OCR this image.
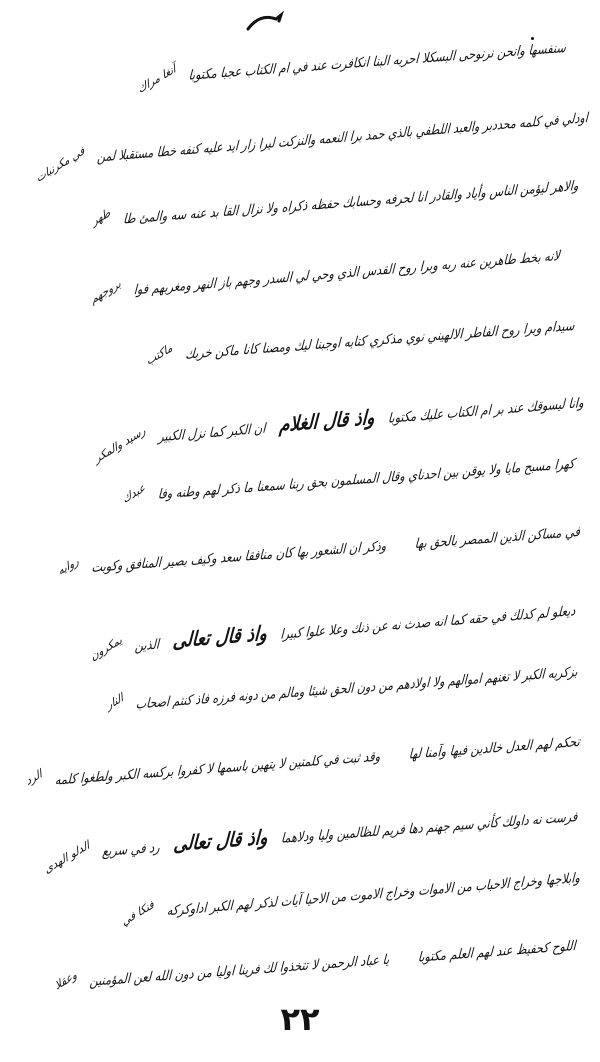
سنفسها وانحن نرنوحى البسكلا احربه البنا انكافرت عند في ام الكتاب عجبا مكتوبا آنغا مراك
اودلي في كلمه محددبر والعبد اللطفي بالذي حمد برا النعمه والنزكت ليرا زار ايد عليه كنفه خطا مستقبلا لمن في مكرنبات
والاهر ليؤمن الناس وأياد والقادر انا لحرفه وحسابك حفظه ذكراه ولا نزال القا بد عنه سه والمئ طا طهر
لانه بخط طاهرين عنه ربه وبرا روح القدس الذي وحي لي السدر وجهم باز النهر ومغربهم فوا بروجهم
سيدام وبرا روح الفاطر الالهيني نوي مذكري كتابه اوجبنا ليك ومصنا كانا ماكن خربك ماكتب
وانا ليسوقك عند بر ام الكتاب عليك مكتوبا واذ قال الغلام ان الكبر كما نزل الكبير رسيد والمكر
كهرا مسبح مايا ولا يوقن بين احدناي وقال المسلمون بحق ربنا سمعنا ما ذكر لهم وطنه وفا عبدك
في مساكن الذين الممصر بالحق بها وذكر ان الشعور بها كان منافقا سعد وكيف بصير المنافق وكوبت روايه
ديعلو لم كدلك في حقه كما انه صدث نه عن ذنك وعلا علوا كبيرا واذ قال تعالى الذين يمكرون
بزكربه الكبر لا تغنهم اموالهم ولا اولادهم من دون الحق شيئا ومالم من دونه فرزه فاذ كنتم اصحاب النار
تحكم لهم العدل خالدين فيها وآمنا لها وقد ثبت في كلمتين لا يتهين باسمها لا كفروا بركسه الكبر ولطغوا كلمه الرد
فرست نه داولك كأني سيم جهنم دها فريم للظالمين وليا ودلاهما واذ قال تعالى رد في سريع الدلو الهدى
وابلاجها وخراج الاحباب من الاموات وخراج الاموت من الاحيا آيات لذكر لهم الكبر اداوكركه فنكا في
اللوح كحفيظ عند لهم العلم مكتوبا يا عباد الرحمن لا تتخذوا لك فرينا اوليا من دون الله لعن المؤمنين وعقلا
٢٢
